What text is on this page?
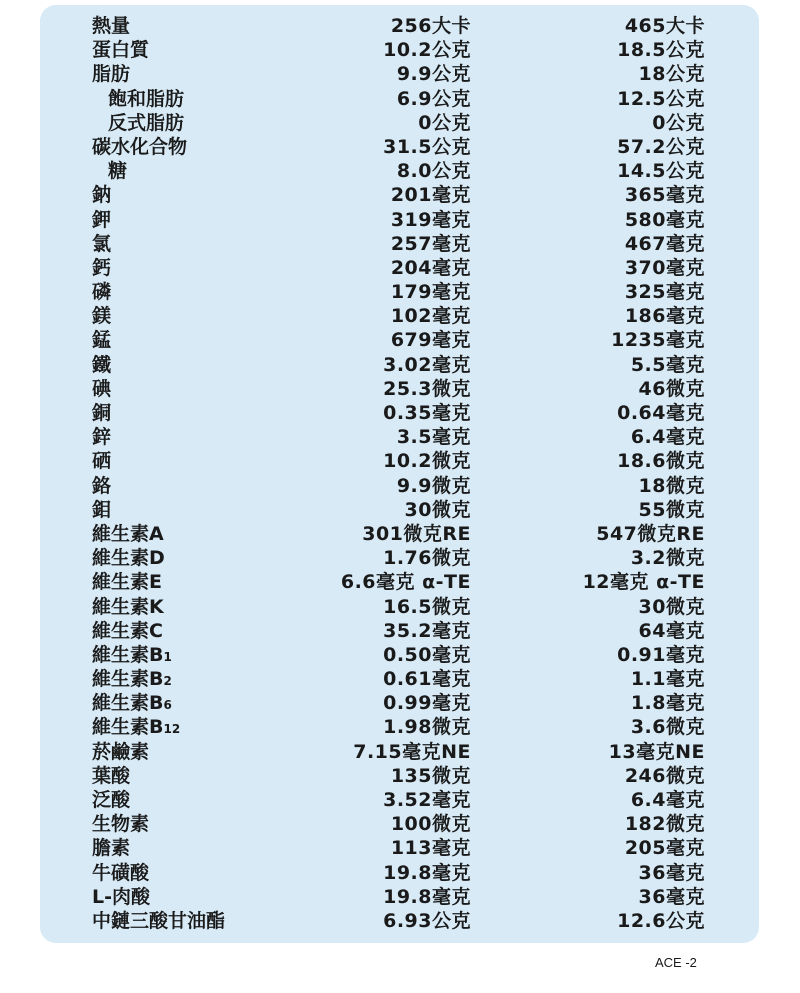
熱量	256大卡	465大卡
蛋白質	10.2公克	18.5公克
脂肪	9.9公克	18公克
飽和脂肪	6.9公克	12.5公克
反式脂肪	0公克	0公克
碳水化合物	31.5公克	57.2公克
糖	8.0公克	14.5公克
鈉	201毫克	365毫克
鉀	319毫克	580毫克
氯	257毫克	467毫克
鈣	204毫克	370毫克
磷	179毫克	325毫克
鎂	102毫克	186毫克
錳	679毫克	1235毫克
鐵	3.02毫克	5.5毫克
碘	25.3微克	46微克
銅	0.35毫克	0.64毫克
鋅	3.5毫克	6.4毫克
硒	10.2微克	18.6微克
鉻	9.9微克	18微克
鉬	30微克	55微克
維生素A	301微克RE	547微克RE
維生素D	1.76微克	3.2微克
維生素E	6.6毫克 α-TE	12毫克 α-TE
維生素K	16.5微克	30微克
維生素C	35.2毫克	64毫克
維生素B1	0.50毫克	0.91毫克
維生素B2	0.61毫克	1.1毫克
維生素B6	0.99毫克	1.8毫克
維生素B12	1.98微克	3.6微克
菸鹼素	7.15毫克NE	13毫克NE
葉酸	135微克	246微克
泛酸	3.52毫克	6.4毫克
生物素	100微克	182微克
膽素	113毫克	205毫克
牛磺酸	19.8毫克	36毫克
L-肉酸	19.8毫克	36毫克
中鏈三酸甘油酯	6.93公克	12.6公克
ACE -2
